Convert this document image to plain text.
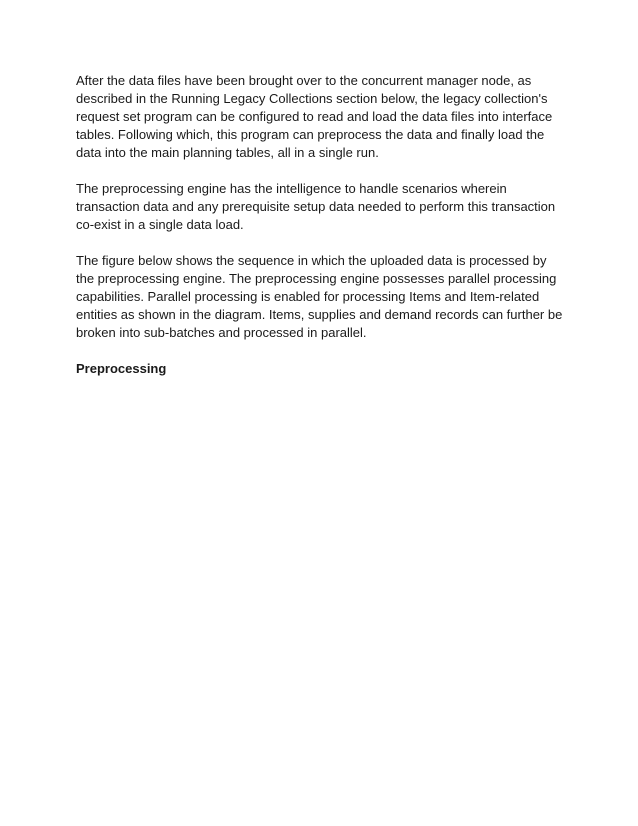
After the data files have been brought over to the concurrent manager node, as described in the Running Legacy Collections section below, the legacy collection's request set program can be configured to read and load the data files into interface tables. Following which, this program can preprocess the data and finally load the data into the main planning tables, all in a single run.

The preprocessing engine has the intelligence to handle scenarios wherein transaction data and any prerequisite setup data needed to perform this transaction co-exist in a single data load.

The figure below shows the sequence in which the uploaded data is processed by the preprocessing engine. The preprocessing engine possesses parallel processing capabilities. Parallel processing is enabled for processing Items and Item-related entities as shown in the diagram. Items, supplies and demand records can further be broken into sub-batches and processed in parallel.

Preprocessing
